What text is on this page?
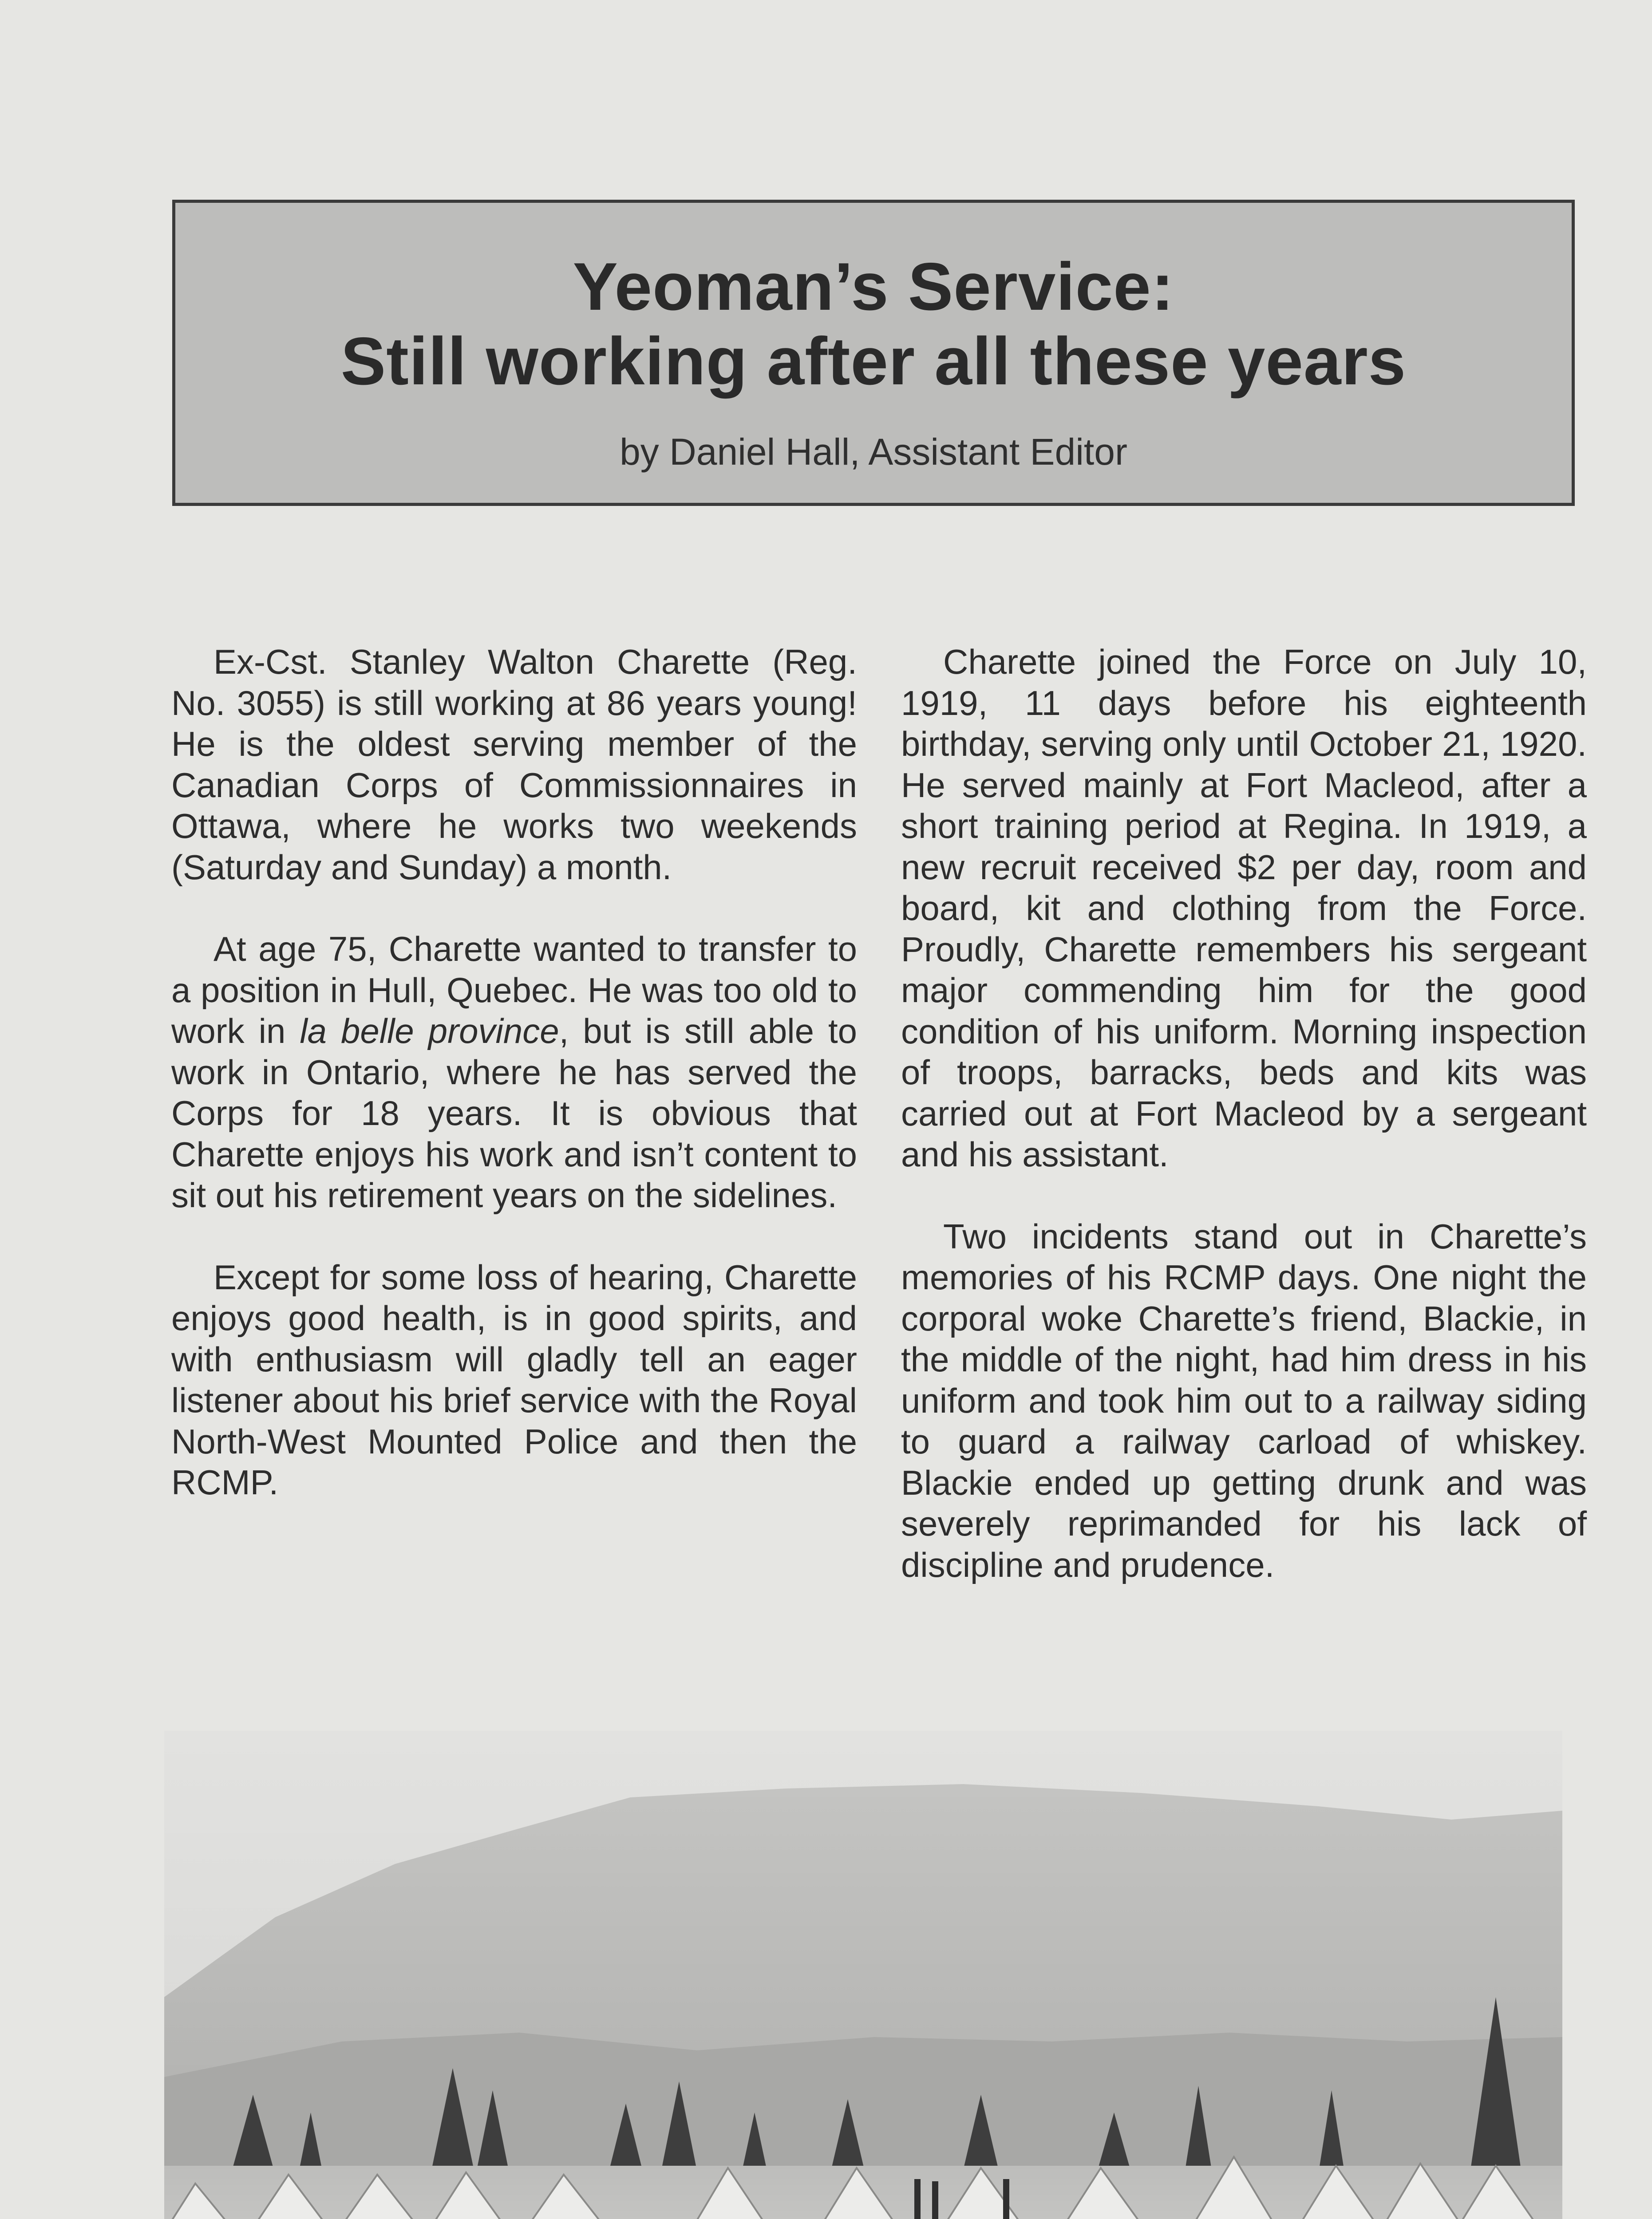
Yeoman’s Service:
Still working after all these years
by Daniel Hall, Assistant Editor

Ex-Cst. Stanley Walton Charette (Reg. No. 3055) is still working at 86 years young! He is the oldest serving member of the Canadian Corps of Commissionnaires in Ottawa, where he works two weekends (Saturday and Sunday) a month.

At age 75, Charette wanted to transfer to a position in Hull, Quebec. He was too old to work in la belle province, but is still able to work in Ontario, where he has served the Corps for 18 years. It is obvious that Charette enjoys his work and isn’t content to sit out his retirement years on the sidelines.

Except for some loss of hearing, Charette enjoys good health, is in good spirits, and with enthusiasm will gladly tell an eager listener about his brief service with the Royal North-West Mounted Police and then the RCMP.

Charette joined the Force on July 10, 1919, 11 days before his eighteenth birthday, serving only until October 21, 1920. He served mainly at Fort Macleod, after a short training period at Regina. In 1919, a new recruit received $2 per day, room and board, kit and clothing from the Force. Proudly, Charette remembers his sergeant major commending him for the good condition of his uniform. Morning inspection of troops, barracks, beds and kits was carried out at Fort Macleod by a sergeant and his assistant.

Two incidents stand out in Charette’s memories of his RCMP days. One night the corporal woke Charette’s friend, Blackie, in the middle of the night, had him dress in his uniform and took him out to a railway siding to guard a railway carload of whiskey. Blackie ended up getting drunk and was severely reprimanded for his lack of discipline and prudence.
